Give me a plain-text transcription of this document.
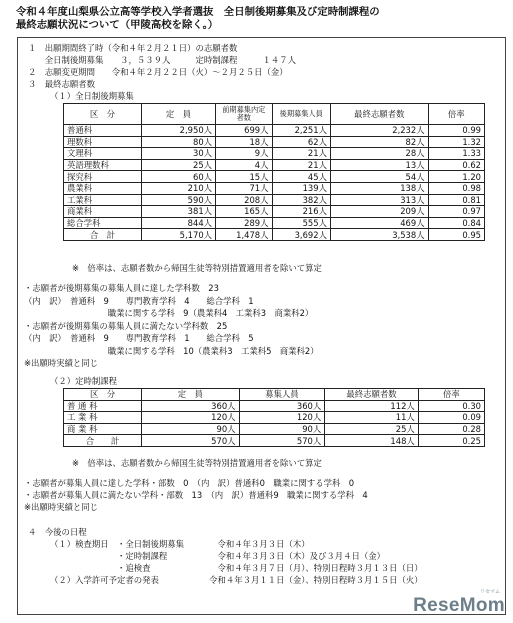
令和４年度山梨県公立高等学校入学者選抜　全日制後期募集及び定時制課程の
最終志願状況について（甲陵高校を除く。）
１　出願期間終了時（令和４年２月２１日）の志願者数
　　全日制後期募集　　３，５３９人　　　定時制課程　　　１４７人
２　志願変更期間　　令和４年２月２２日（火）～２月２５日（金）
３　最終志願者数
（１）全日制後期募集
区　分	定　員	前期募集内定者数	後期募集人員	最終志願者数	倍率
普通科	2,950人	699人	2,251人	2,232人	0.99
理数科	80人	18人	62人	82人	1.32
文理科	30人	9人	21人	28人	1.33
英語理数科	25人	4人	21人	13人	0.62
探究科	60人	15人	45人	54人	1.20
農業科	210人	71人	139人	138人	0.98
工業科	590人	208人	382人	313人	0.81
商業科	381人	165人	216人	209人	0.97
総合学科	844人	289人	555人	469人	0.84
合　計	5,170人	1,478人	3,692人	3,538人	0.95
※　倍率は、志願者数から帰国生徒等特別措置適用者を除いて算定
・志願者が後期募集の募集人員に達した学科数　23
（内　訳）　普通科　9　　専門教育学科　4　　総合学科　1
　　　　　　　　　　職業に関する学科　9（農業科4　工業科3　商業科2）
・志願者が後期募集の募集人員に満たない学科数　25
（内　訳）　普通科　9　　専門教育学科　1　　総合学科　5
　　　　　　　　　　職業に関する学科　10（農業科3　工業科5　商業科2）
※出願時実績と同じ
（２）定時制課程
区　分	定　員	募集人員	最終志願者数	倍率
普 通 科	360人	360人	112人	0.30
工 業 科	120人	120人	11人	0.09
商 業 科	90人	90人	25人	0.28
合　　計	570人	570人	148人	0.25
※　倍率は、志願者数から帰国生徒等特別措置適用者を除いて算定
・志願者が募集人員に達した学科・部数　0　（内　訳）普通科0　職業に関する学科　0
・志願者が募集人員に満たない学科・部数　13　（内　訳）普通科9　職業に関する学科　4
※出願時実績と同じ
４　今後の日程
（１）検査期日　・全日制後期募集　　　　令和４年３月３日（木）
　　　　　　　　・定時制課程　　　　　　令和４年３月３日（木）及び３月４日（金）
　　　　　　　　・追検査　　　　　　　　令和４年３月７日（月）、特別日程時３月１３日（日）
（２）入学許可予定者の発表　　　　　　令和４年３月１１日（金）、特別日程時３月１５日（火）
リセマム
ReseMom
